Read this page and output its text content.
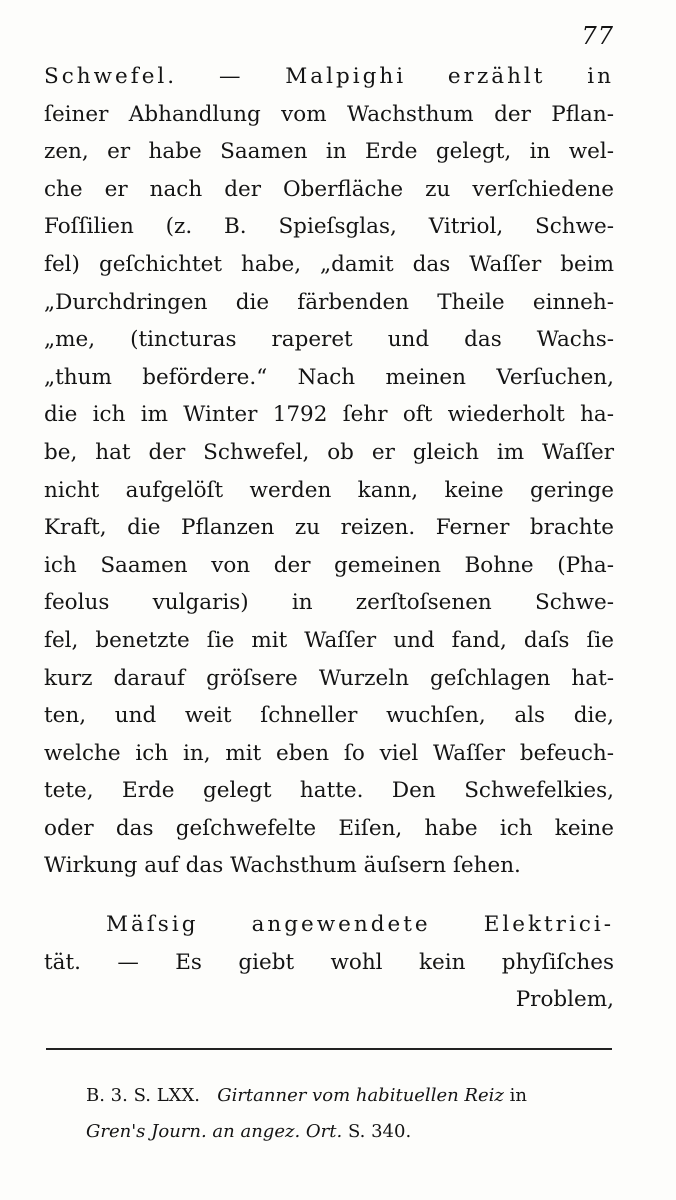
77
Schwefel. — Malpighi erzählt in
ſeiner Abhandlung vom Wachsthum der Pflan-
zen, er habe Saamen in Erde gelegt, in wel-
che er nach der Oberfläche zu verſchiedene
Foſſilien (z. B. Spieſsglas, Vitriol, Schwe-
fel) geſchichtet habe, „damit das Waſſer beim
„Durchdringen die färbenden Theile einneh-
„me, (tincturas raperet und das Wachs-
„thum befördere.“ Nach meinen Verſuchen,
die ich im Winter 1792 ſehr oft wiederholt ha-
be, hat der Schwefel, ob er gleich im Waſſer
nicht aufgelöſt werden kann, keine geringe
Kraft, die Pflanzen zu reizen. Ferner brachte
ich Saamen von der gemeinen Bohne (Pha-
feolus vulgaris) in zerſtoſsenen Schwe-
fel, benetzte ſie mit Waſſer und fand, daſs ſie
kurz darauf gröſsere Wurzeln geſchlagen hat-
ten, und weit ſchneller wuchſen, als die,
welche ich in, mit eben ſo viel Waſſer befeuch-
tete, Erde gelegt hatte. Den Schwefelkies,
oder das geſchwefelte Eiſen, habe ich keine
Wirkung auf das Wachsthum äuſsern ſehen.
Mäſsig angewendete Elektrici-
tät. — Es giebt wohl kein phyſiſches
Problem,
B. 3. S. LXX. Girtanner vom habituellen Reiz in
Gren's Journ. an angez. Ort. S. 340.
